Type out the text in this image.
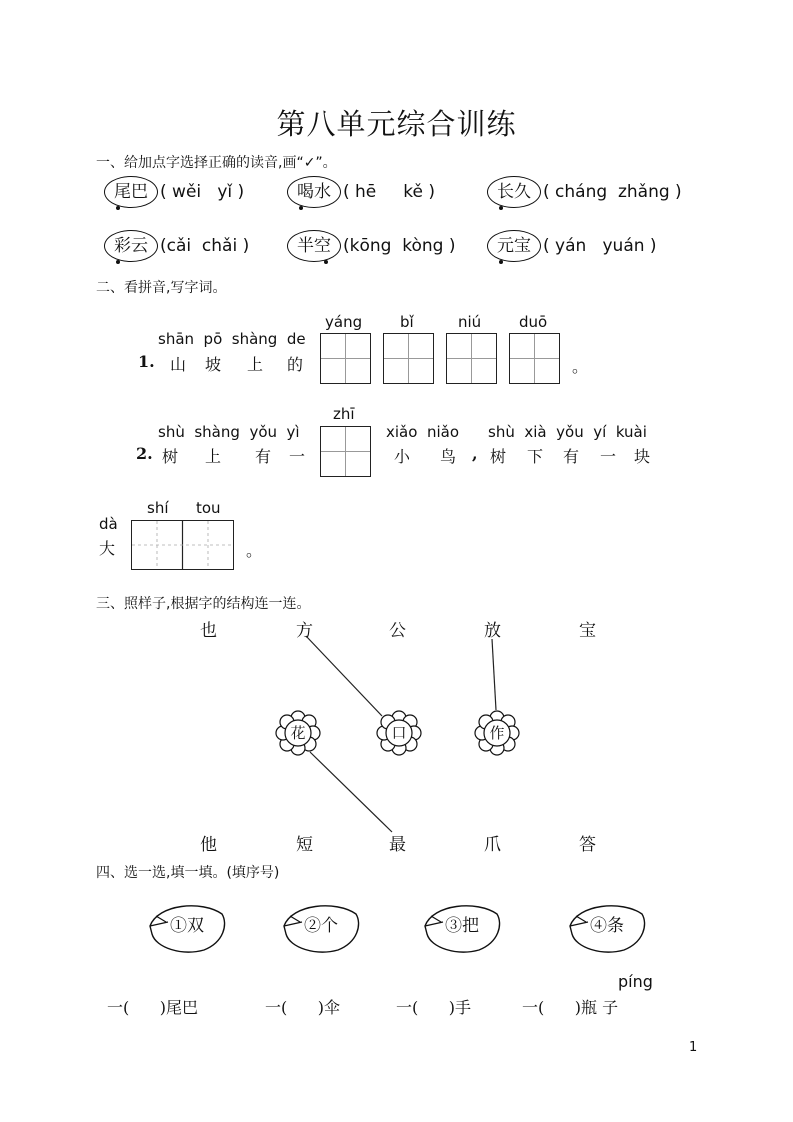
第八单元综合训练
一、给加点字选择正确的读音,画“✓”。
尾巴 ( wěi   yǐ )	喝水 ( hē     kě )	长久 ( cháng  zhǎng )
彩云 (cǎi  chǎi )	半空 (kōng  kòng )	元宝 ( yán   yuán )
二、看拼音,写字词。
shān  pō  shàng  de
1. 山 坡 上 的
yáng	bǐ	niú	duō
。
shù  shàng  yǒu  yì
2. 树 上 有 一
zhī
xiǎo  niǎo
小 鸟 ,
shù  xià  yǒu  yí  kuài
树 下 有 一 块
dà
大
shí tou
。
三、照样子,根据字的结构连一连。
也	方	公	放	宝
花	口	作
他	短	最	爪	答
四、选一选,填一填。(填序号)
①双	②个	③把	④条
píng
一(      )尾巴	一(      )伞	一(      )手	一(      )瓶 子
1
